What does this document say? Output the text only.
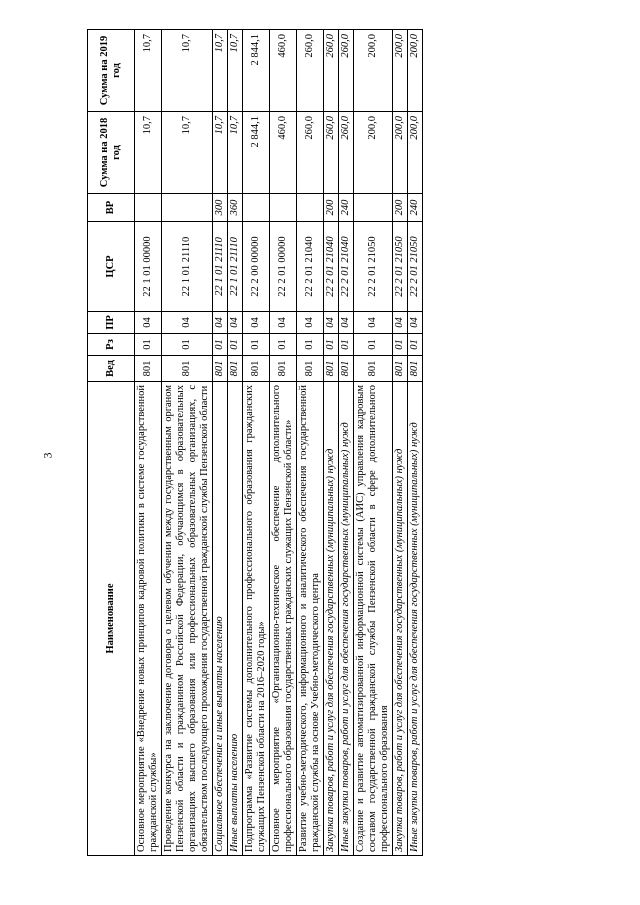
3
Наименование	Вед	Рз	ПР	ЦСР	ВР	Сумма на 2018 год	Сумма на 2019 год
Основное мероприятие «Внедрение новых принципов кадровой политики в системе государственной гражданской службы»	801	01	04	22 1 01 00000		10,7	10,7
Проведение конкурса на заключение договора о целевом обучении между государственным органом Пензенской области и гражданином Российской Федерации, обучающимся в образовательных организациях высшего образования или профессиональных образовательных организациях, с обязательством последующего прохождения государственной гражданской службы Пензенской области	801	01	04	22 1 01 21110		10,7	10,7
Социальное обеспечение и иные выплаты населению	801	01	04	22 1 01 21110	300	10,7	10,7
Иные выплаты населению	801	01	04	22 1 01 21110	360	10,7	10,7
Подпрограмма «Развитие системы дополнительного профессионального образования гражданских служащих Пензенской области на 2016–2020 годы»	801	01	04	22 2 00 00000		2 844,1	2 844,1
Основное мероприятие «Организационно-техническое обеспечение дополнительного профессионального образования государственных гражданских служащих Пензенской области»	801	01	04	22 2 01 00000		460,0	460,0
Развитие учебно-методического, информационного и аналитического обеспечения государственной гражданской службы на основе Учебно-методического центра	801	01	04	22 2 01 21040		260,0	260,0
Закупка товаров, работ и услуг для обеспечения государственных (муниципальных) нужд	801	01	04	22 2 01 21040	200	260,0	260,0
Иные закупки товаров, работ и услуг для обеспечения государственных (муниципальных) нужд	801	01	04	22 2 01 21040	240	260,0	260,0
Создание и развитие автоматизированной информационной системы (АИС) управления кадровым составом государственной гражданской службы Пензенской области в сфере дополнительного профессионального образования	801	01	04	22 2 01 21050		200,0	200,0
Закупка товаров, работ и услуг для обеспечения государственных (муниципальных) нужд	801	01	04	22 2 01 21050	200	200,0	200,0
Иные закупки товаров, работ и услуг для обеспечения государственных (муниципальных) нужд	801	01	04	22 2 01 21050	240	200,0	200,0
